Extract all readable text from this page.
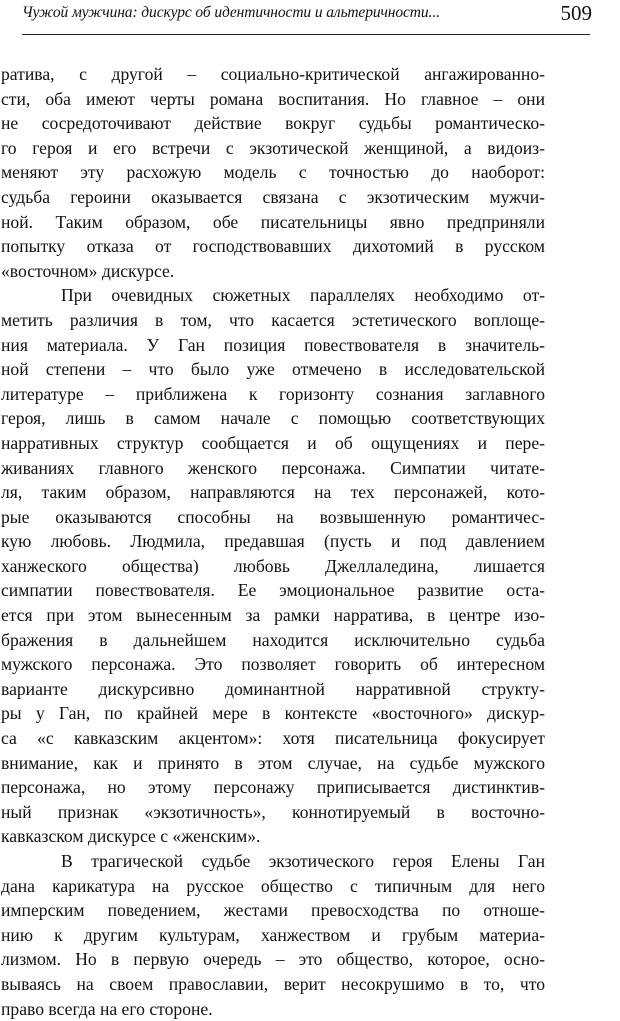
Чужой мужчина: дискурс об идентичности и альтеричности...	509
ратива, с другой – социально-критической ангажированно-
сти, оба имеют черты романа воспитания. Но главное – они
не сосредоточивают действие вокруг судьбы романтическо-
го героя и его встречи с экзотической женщиной, а видоиз-
меняют эту расхожую модель с точностью до наоборот:
судьба героини оказывается связана с экзотическим мужчи-
ной. Таким образом, обе писательницы явно предприняли
попытку отказа от господствовавших дихотомий в русском
«восточном» дискурсе.
При очевидных сюжетных параллелях необходимо от-
метить различия в том, что касается эстетического воплоще-
ния материала. У Ган позиция повествователя в значитель-
ной степени – что было уже отмечено в исследовательской
литературе – приближена к горизонту сознания заглавного
героя, лишь в самом начале с помощью соответствующих
нарративных структур сообщается и об ощущениях и пере-
живаниях главного женского персонажа. Симпатии читате-
ля, таким образом, направляются на тех персонажей, кото-
рые оказываются способны на возвышенную романтичес-
кую любовь. Людмила, предавшая (пусть и под давлением
ханжеского общества) любовь Джеллаледина, лишается
симпатии повествователя. Ее эмоциональное развитие оста-
ется при этом вынесенным за рамки нарратива, в центре изо-
бражения в дальнейшем находится исключительно судьба
мужского персонажа. Это позволяет говорить об интересном
варианте дискурсивно доминантной нарративной структу-
ры у Ган, по крайней мере в контексте «восточного» дискур-
са «с кавказским акцентом»: хотя писательница фокусирует
внимание, как и принято в этом случае, на судьбе мужского
персонажа, но этому персонажу приписывается дистинктив-
ный признак «экзотичность», коннотируемый в восточно-
кавказском дискурсе с «женским».
В трагической судьбе экзотического героя Елены Ган
дана карикатура на русское общество с типичным для него
имперским поведением, жестами превосходства по отноше-
нию к другим культурам, ханжеством и грубым материа-
лизмом. Но в первую очередь – это общество, которое, осно-
вываясь на своем православии, верит несокрушимо в то, что
право всегда на его стороне.
